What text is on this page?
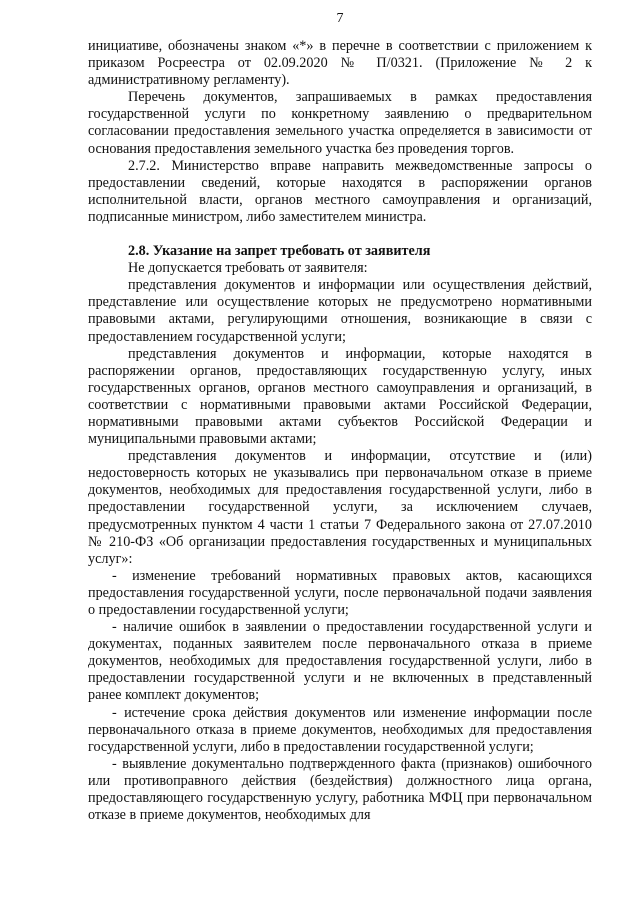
7

инициативе, обозначены знаком «*» в перечне в соответствии с приложением к приказом Росреестра от 02.09.2020 № П/0321. (Приложение № 2 к административному регламенту).

Перечень документов, запрашиваемых в рамках предоставления государственной услуги по конкретному заявлению о предварительном согласовании предоставления земельного участка определяется в зависимости от основания предоставления земельного участка без проведения торгов.

2.7.2. Министерство вправе направить межведомственные запросы о предоставлении сведений, которые находятся в распоряжении органов исполнительной власти, органов местного самоуправления и организаций, подписанные министром, либо заместителем министра.

2.8. Указание на запрет требовать от заявителя

Не допускается требовать от заявителя:

представления документов и информации или осуществления действий, представление или осуществление которых не предусмотрено нормативными правовыми актами, регулирующими отношения, возникающие в связи с предоставлением государственной услуги;

представления документов и информации, которые находятся в распоряжении органов, предоставляющих государственную услугу, иных государственных органов, органов местного самоуправления и организаций, в соответствии с нормативными правовыми актами Российской Федерации, нормативными правовыми актами субъектов Российской Федерации и муниципальными правовыми актами;

представления документов и информации, отсутствие и (или) недостоверность которых не указывались при первоначальном отказе в приеме документов, необходимых для предоставления государственной услуги, либо в предоставлении государственной услуги, за исключением случаев, предусмотренных пунктом 4 части 1 статьи 7 Федерального закона от 27.07.2010 № 210-ФЗ «Об организации предоставления государственных и муниципальных услуг»:

- изменение требований нормативных правовых актов, касающихся предоставления государственной услуги, после первоначальной подачи заявления о предоставлении государственной услуги;

- наличие ошибок в заявлении о предоставлении государственной услуги и документах, поданных заявителем после первоначального отказа в приеме документов, необходимых для предоставления государственной услуги, либо в предоставлении государственной услуги и не включенных в представленный ранее комплект документов;

- истечение срока действия документов или изменение информации после первоначального отказа в приеме документов, необходимых для предоставления государственной услуги, либо в предоставлении государственной услуги;

- выявление документально подтвержденного факта (признаков) ошибочного или противоправного действия (бездействия) должностного лица органа, предоставляющего государственную услугу, работника МФЦ при первоначальном отказе в приеме документов, необходимых для
